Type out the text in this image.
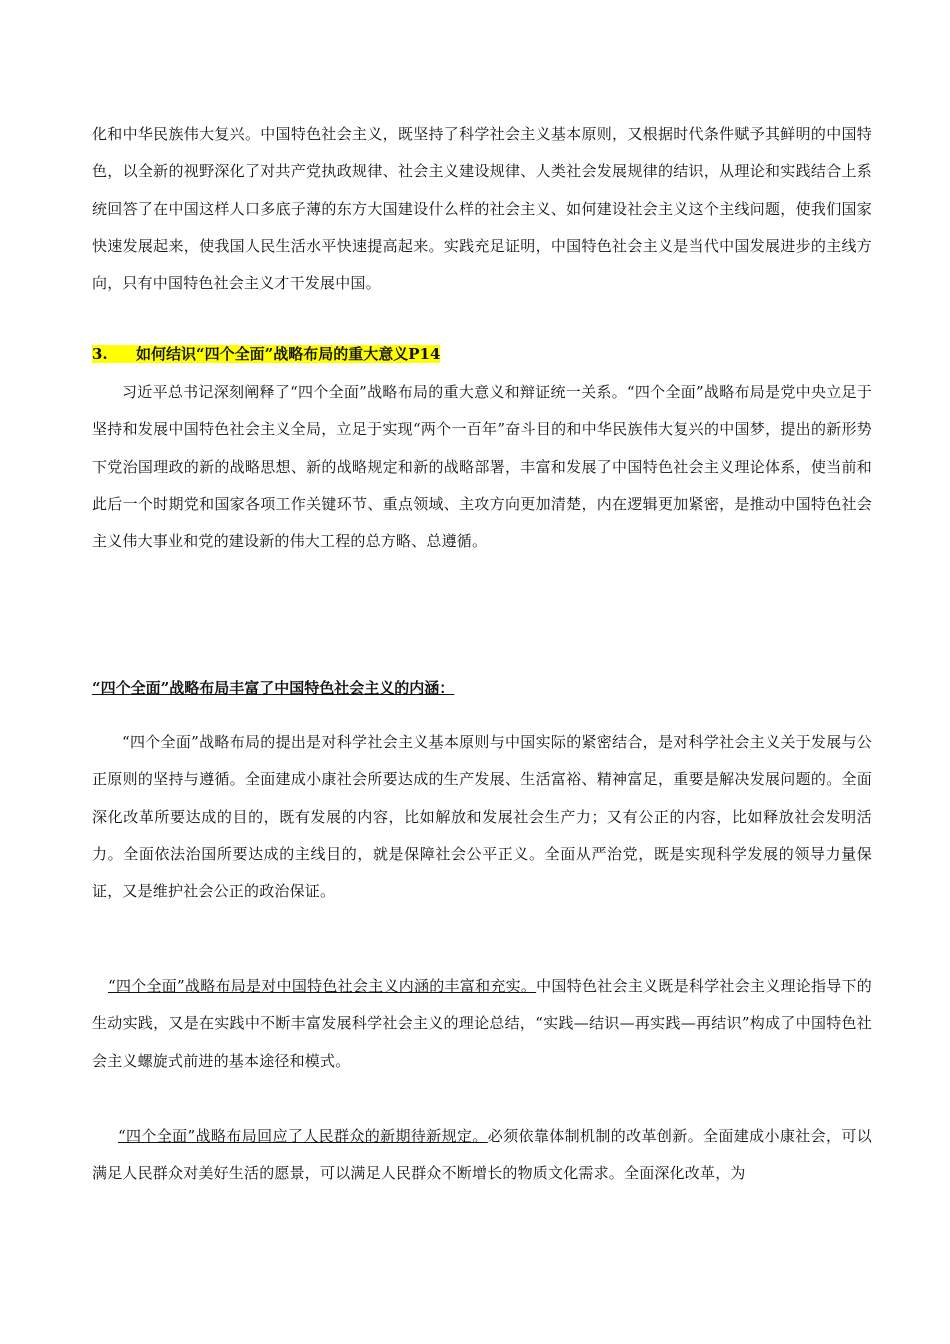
化和中华民族伟大复兴。中国特色社会主义，既坚持了科学社会主义基本原则，又根据时代条件赋予其鲜明的中国特色，以全新的视野深化了对共产党执政规律、社会主义建设规律、人类社会发展规律的结识，从理论和实践结合上系统回答了在中国这样人口多底子薄的东方大国建设什么样的社会主义、如何建设社会主义这个主线问题，使我们国家快速发展起来，使我国人民生活水平快速提高起来。实践充足证明，中国特色社会主义是当代中国发展进步的主线方向，只有中国特色社会主义才干发展中国。

3. 如何结识“四个全面”战略布局的重大意义P14

习近平总书记深刻阐释了“四个全面”战略布局的重大意义和辩证统一关系。“四个全面”战略布局是党中央立足于坚持和发展中国特色社会主义全局，立足于实现“两个一百年”奋斗目的和中华民族伟大复兴的中国梦，提出的新形势下党治国理政的新的战略思想、新的战略规定和新的战略部署，丰富和发展了中国特色社会主义理论体系，使当前和此后一个时期党和国家各项工作关键环节、重点领域、主攻方向更加清楚，内在逻辑更加紧密，是推动中国特色社会主义伟大事业和党的建设新的伟大工程的总方略、总遵循。

“四个全面”战略布局丰富了中国特色社会主义的内涵：

“四个全面”战略布局的提出是对科学社会主义基本原则与中国实际的紧密结合，是对科学社会主义关于发展与公正原则的坚持与遵循。全面建成小康社会所要达成的生产发展、生活富裕、精神富足，重要是解决发展问题的。全面深化改革所要达成的目的，既有发展的内容，比如解放和发展社会生产力；又有公正的内容，比如释放社会发明活力。全面依法治国所要达成的主线目的，就是保障社会公平正义。全面从严治党，既是实现科学发展的领导力量保证，又是维护社会公正的政治保证。

“四个全面”战略布局是对中国特色社会主义内涵的丰富和充实。中国特色社会主义既是科学社会主义理论指导下的生动实践，又是在实践中不断丰富发展科学社会主义的理论总结，“实践—结识—再实践—再结识”构成了中国特色社会主义螺旋式前进的基本途径和模式。

“四个全面”战略布局回应了人民群众的新期待新规定。必须依靠体制机制的改革创新。全面建成小康社会，可以满足人民群众对美好生活的愿景，可以满足人民群众不断增长的物质文化需求。全面深化改革，为
